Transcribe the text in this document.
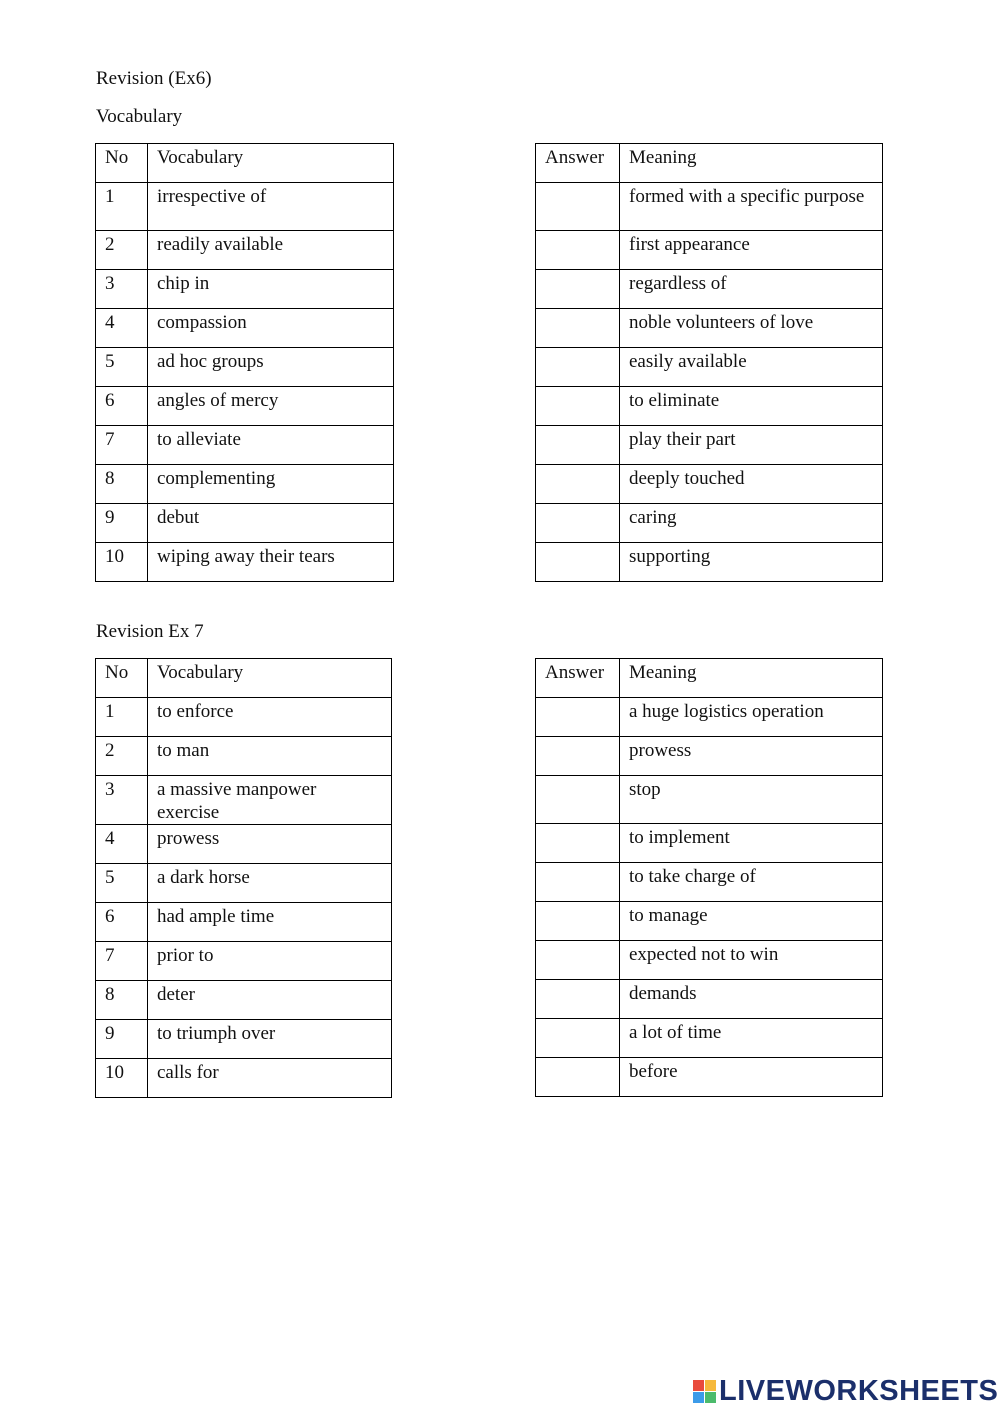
Revision (Ex6)
Vocabulary
No	Vocabulary
1	irrespective of
2	readily available
3	chip in
4	compassion
5	ad hoc groups
6	angles of mercy
7	to alleviate
8	complementing
9	debut
10	wiping away their tears
Answer	Meaning
	formed with a specific purpose
	first appearance
	regardless of
	noble volunteers of love
	easily available
	to eliminate
	play their part
	deeply touched
	caring
	supporting
Revision Ex 7
No	Vocabulary
1	to enforce
2	to man
3	a massive manpower exercise
4	prowess
5	a dark horse
6	had ample time
7	prior to
8	deter
9	to triumph over
10	calls for
Answer	Meaning
	a huge logistics operation
	prowess
	stop
	to implement
	to take charge of
	to manage
	expected not to win
	demands
	a lot of time
	before
LIVEWORKSHEETS
